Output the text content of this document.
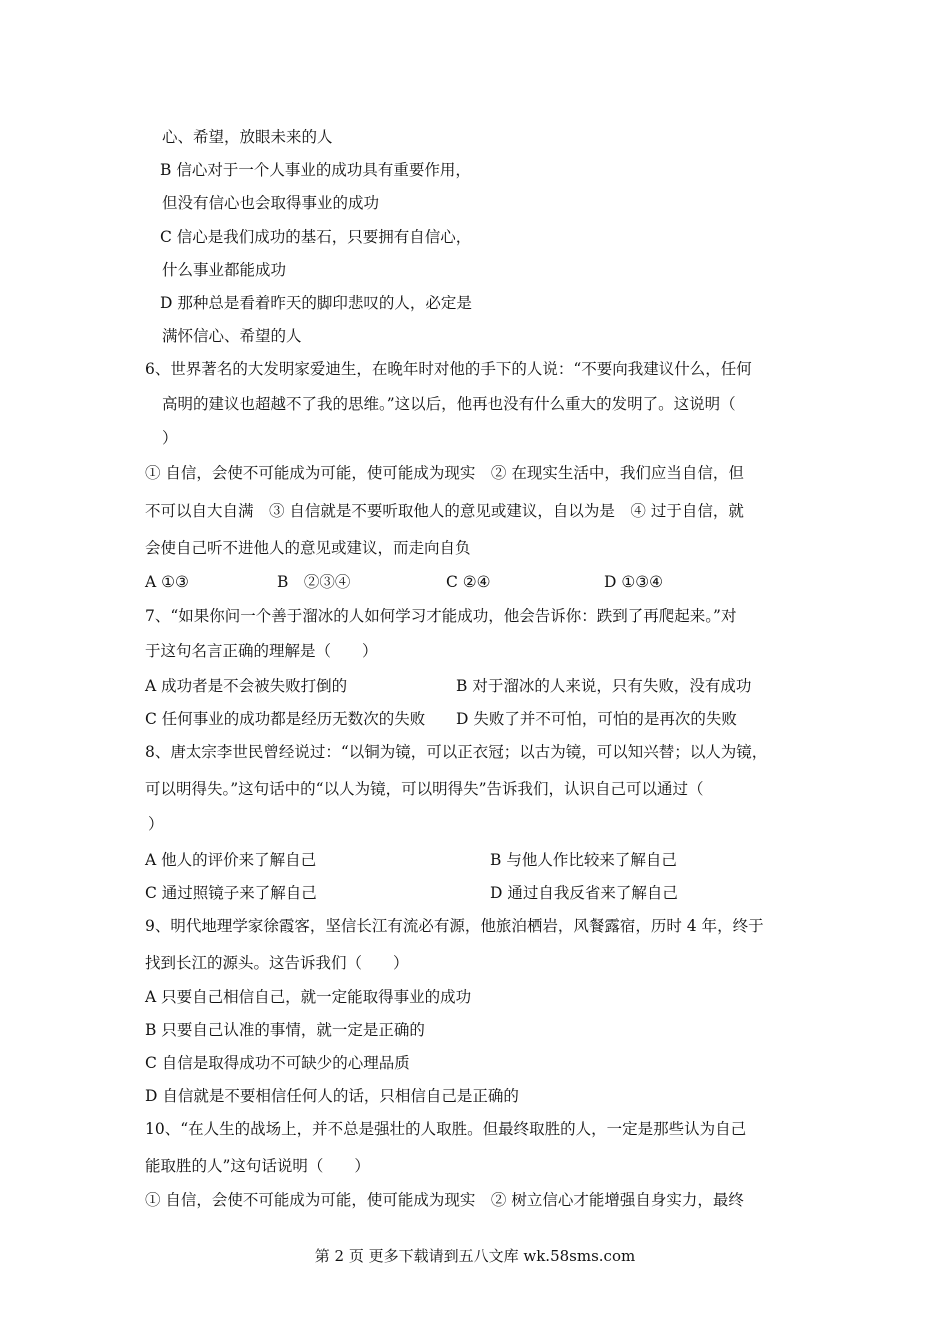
心、希望，放眼未来的人
B 信心对于一个人事业的成功具有重要作用，
但没有信心也会取得事业的成功
C 信心是我们成功的基石，只要拥有自信心，
什么事业都能成功
D 那种总是看着昨天的脚印悲叹的人，必定是
满怀信心、希望的人
6、世界著名的大发明家爱迪生，在晚年时对他的手下的人说：“不要向我建议什么，任何
高明的建议也超越不了我的思维。”这以后，他再也没有什么重大的发明了。这说明（
）
① 自信，会使不可能成为可能，使可能成为现实　② 在现实生活中，我们应当自信，但
不可以自大自满　③ 自信就是不要听取他人的意见或建议，自以为是　④ 过于自信，就
会使自己听不进他人的意见或建议，而走向自负
A ①③	B　②③④	C ②④	D ①③④
7、“如果你问一个善于溜冰的人如何学习才能成功，他会告诉你：跌到了再爬起来。”对
于这句名言正确的理解是（　　）
A 成功者是不会被失败打倒的	B 对于溜冰的人来说，只有失败，没有成功
C 任何事业的成功都是经历无数次的失败 D 失败了并不可怕，可怕的是再次的失败
8、唐太宗李世民曾经说过：“以铜为镜，可以正衣冠；以古为镜，可以知兴替；以人为镜，
可以明得失。”这句话中的“以人为镜，可以明得失”告诉我们，认识自己可以通过（
）
A 他人的评价来了解自己	B 与他人作比较来了解自己
C 通过照镜子来了解自己	D 通过自我反省来了解自己
9、明代地理学家徐霞客，坚信长江有流必有源，他旅泊栖岩，风餐露宿，历时 4 年，终于
找到长江的源头。这告诉我们（　　）
A 只要自己相信自己，就一定能取得事业的成功
B 只要自己认准的事情，就一定是正确的
C 自信是取得成功不可缺少的心理品质
D 自信就是不要相信任何人的话，只相信自己是正确的
10、“在人生的战场上，并不总是强壮的人取胜。但最终取胜的人，一定是那些认为自己
能取胜的人”这句话说明（　　）
① 自信，会使不可能成为可能，使可能成为现实　② 树立信心才能增强自身实力，最终
第 2 页 更多下载请到五八文库 wk.58sms.com
